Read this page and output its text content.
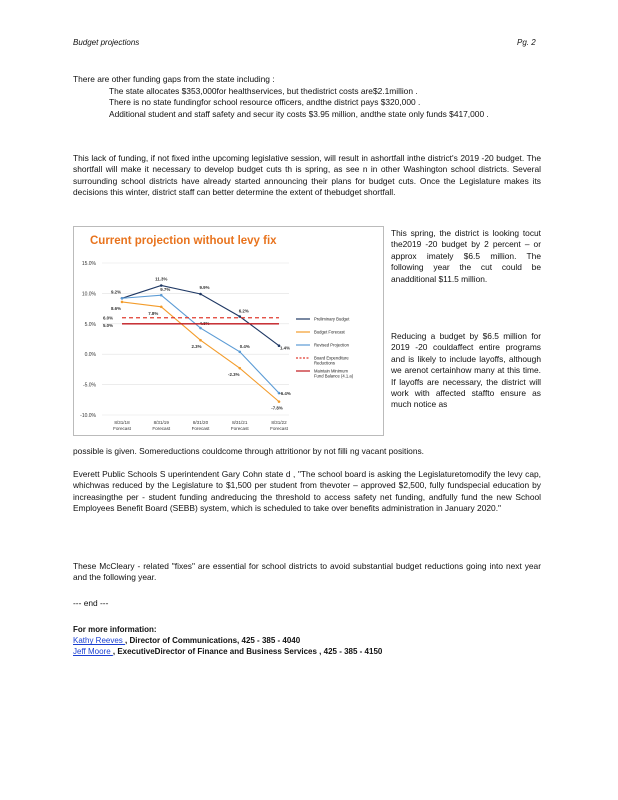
Budget projections	Pg. 2

There are other funding gaps from the state including :

The state allocates $353,000for healthservices, but thedistrict costs are$2.1million .
There is no state fundingfor school resource officers, andthe district pays $320,000 .
Additional student and staff safety and secur ity costs $3.95 million, andthe state only funds $417,000 .

This lack of funding, if not fixed inthe upcoming legislative session, will result in ashortfall inthe district's 2019 -20 budget. The shortfall will make it necessary to develop budget cuts th is spring, as see n in other Washington school districts. Several surrounding school districts have already started announcing their plans for budget cuts. Once the Legislature makes its decisions this winter, district staff can better determine the extent of thebudget shortfall.

Current projection without levy fix
15.0%
10.0%
5.0%
0.0%
-5.0%
-10.0%
8/31/18
Forecast
8/31/19
Forecast
8/31/20
Forecast
8/31/21
Forecast
8/31/22
Forecast
9.2%
11.3%
9.9%
6.2%
1.4%
Preliminary Budget
8.6%
7.8%
2.3%
-2.3%
-7.8%
Budget Forecast
9.7%
4.3%
0.4%
-6.4%
Revised Projection
6.0%
Board Expenditure Reductions
5.0%
Maintain Minimum Fund Balance (4.1.a)

This spring, the district is looking tocut the2019 -20 budget by 2 percent – or approx imately $6.5 million. The following year the cut could be anadditional $11.5 million.

Reducing a budget by $6.5 million for 2019 -20 couldaffect entire programs and is likely to include layoffs, although we arenot certainhow many at this time. If layoffs are necessary, the district will work with affected staffto ensure as much notice as

possible is given. Somereductions couldcome through attritionor by not filli ng vacant positions.

Everett Public Schools S uperintendent Gary Cohn state d , "The school board is asking the Legislaturetomodify the levy cap, whichwas reduced by the Legislature to $1,500 per student from thevoter – approved $2,500, fully fundspecial education by increasingthe per - student funding andreducing the threshold to access safety net funding, andfully fund the new School Employees Benefit Board (SEBB) system, which is scheduled to take over benefits administration in January 2020."

These McCleary - related "fixes" are essential for school districts to avoid substantial budget reductions going into next year and the following year.

--- end ---
For more information:
Kathy Reeves , Director of Communications, 425 - 385 - 4040
Jeff Moore , ExecutiveDirector of Finance and Business Services , 425 - 385 - 4150
